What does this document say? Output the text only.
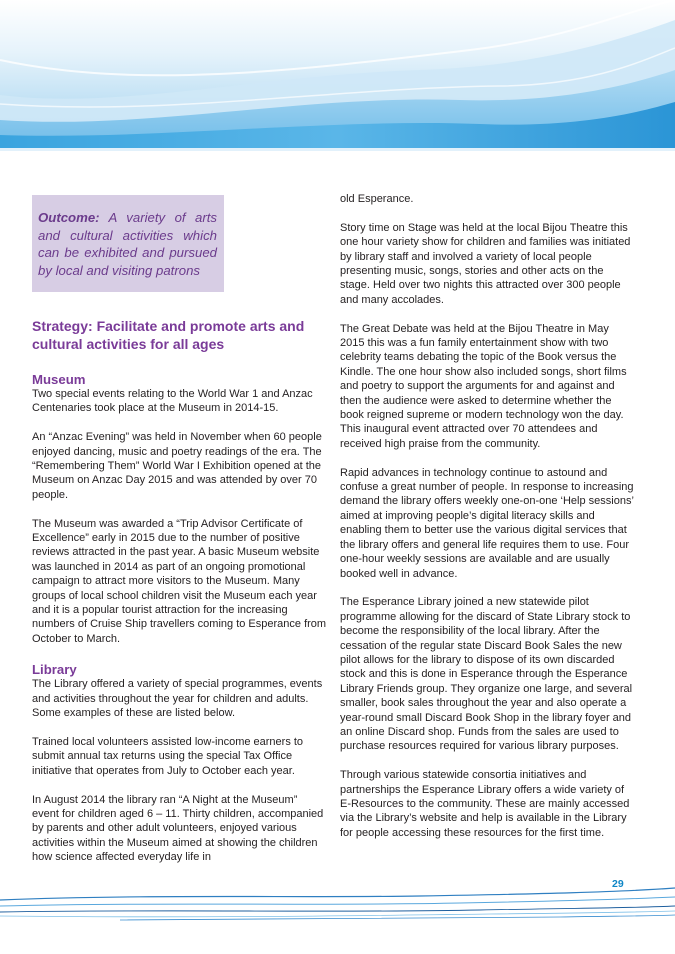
Outcome: A variety of arts and cultural activities which can be exhibited and pursued by local and visiting patrons
Strategy: Facilitate and promote arts and cultural activities for all ages
Museum

Two special events relating to the World War 1 and Anzac Centenaries took place at the Museum in 2014-15.

An “Anzac Evening” was held in November when 60 people enjoyed dancing, music and poetry readings of the era. The “Remembering Them” World War I Exhibition opened at the Museum on Anzac Day 2015 and was attended by over 70 people.

The Museum was awarded a “Trip Advisor Certificate of Excellence” early in 2015 due to the number of positive reviews attracted in the past year. A basic Museum website was launched in 2014 as part of an ongoing promotional campaign to attract more visitors to the Museum. Many groups of local school children visit the Museum each year and it is a popular tourist attraction for the increasing numbers of Cruise Ship travellers coming to Esperance from October to March.

Library

The Library offered a variety of special programmes, events and activities throughout the year for children and adults. Some examples of these are listed below.

Trained local volunteers assisted low-income earners to submit annual tax returns using the special Tax Office initiative that operates from July to October each year.

In August 2014 the library ran “A Night at the Museum” event for children aged 6 – 11. Thirty children, accompanied by parents and other adult volunteers, enjoyed various activities within the Museum aimed at showing the children how science affected everyday life in

old Esperance.

Story time on Stage was held at the local Bijou Theatre this one hour variety show for children and families was initiated by library staff and involved a variety of local people presenting music, songs, stories and other acts on the stage. Held over two nights this attracted over 300 people and many accolades.

The Great Debate was held at the Bijou Theatre in May 2015 this was a fun family entertainment show with two celebrity teams debating the topic of the Book versus the Kindle. The one hour show also included songs, short films and poetry to support the arguments for and against and then the audience were asked to determine whether the book reigned supreme or modern technology won the day. This inaugural event attracted over 70 attendees and received high praise from the community.

Rapid advances in technology continue to astound and confuse a great number of people. In response to increasing demand the library offers weekly one-on-one ‘Help sessions’ aimed at improving people’s digital literacy skills and enabling them to better use the various digital services that the library offers and general life requires them to use. Four one-hour weekly sessions are available and are usually booked well in advance.

The Esperance Library joined a new statewide pilot programme allowing for the discard of State Library stock to become the responsibility of the local library. After the cessation of the regular state Discard Book Sales the new pilot allows for the library to dispose of its own discarded stock and this is done in Esperance through the Esperance Library Friends group. They organize one large, and several smaller, book sales throughout the year and also operate a year-round small Discard Book Shop in the library foyer and an online Discard shop. Funds from the sales are used to purchase resources required for various library purposes.

Through various statewide consortia initiatives and partnerships the Esperance Library offers a wide variety of E-Resources to the community. These are mainly accessed via the Library’s website and help is available in the Library for people accessing these resources for the first time.

29
